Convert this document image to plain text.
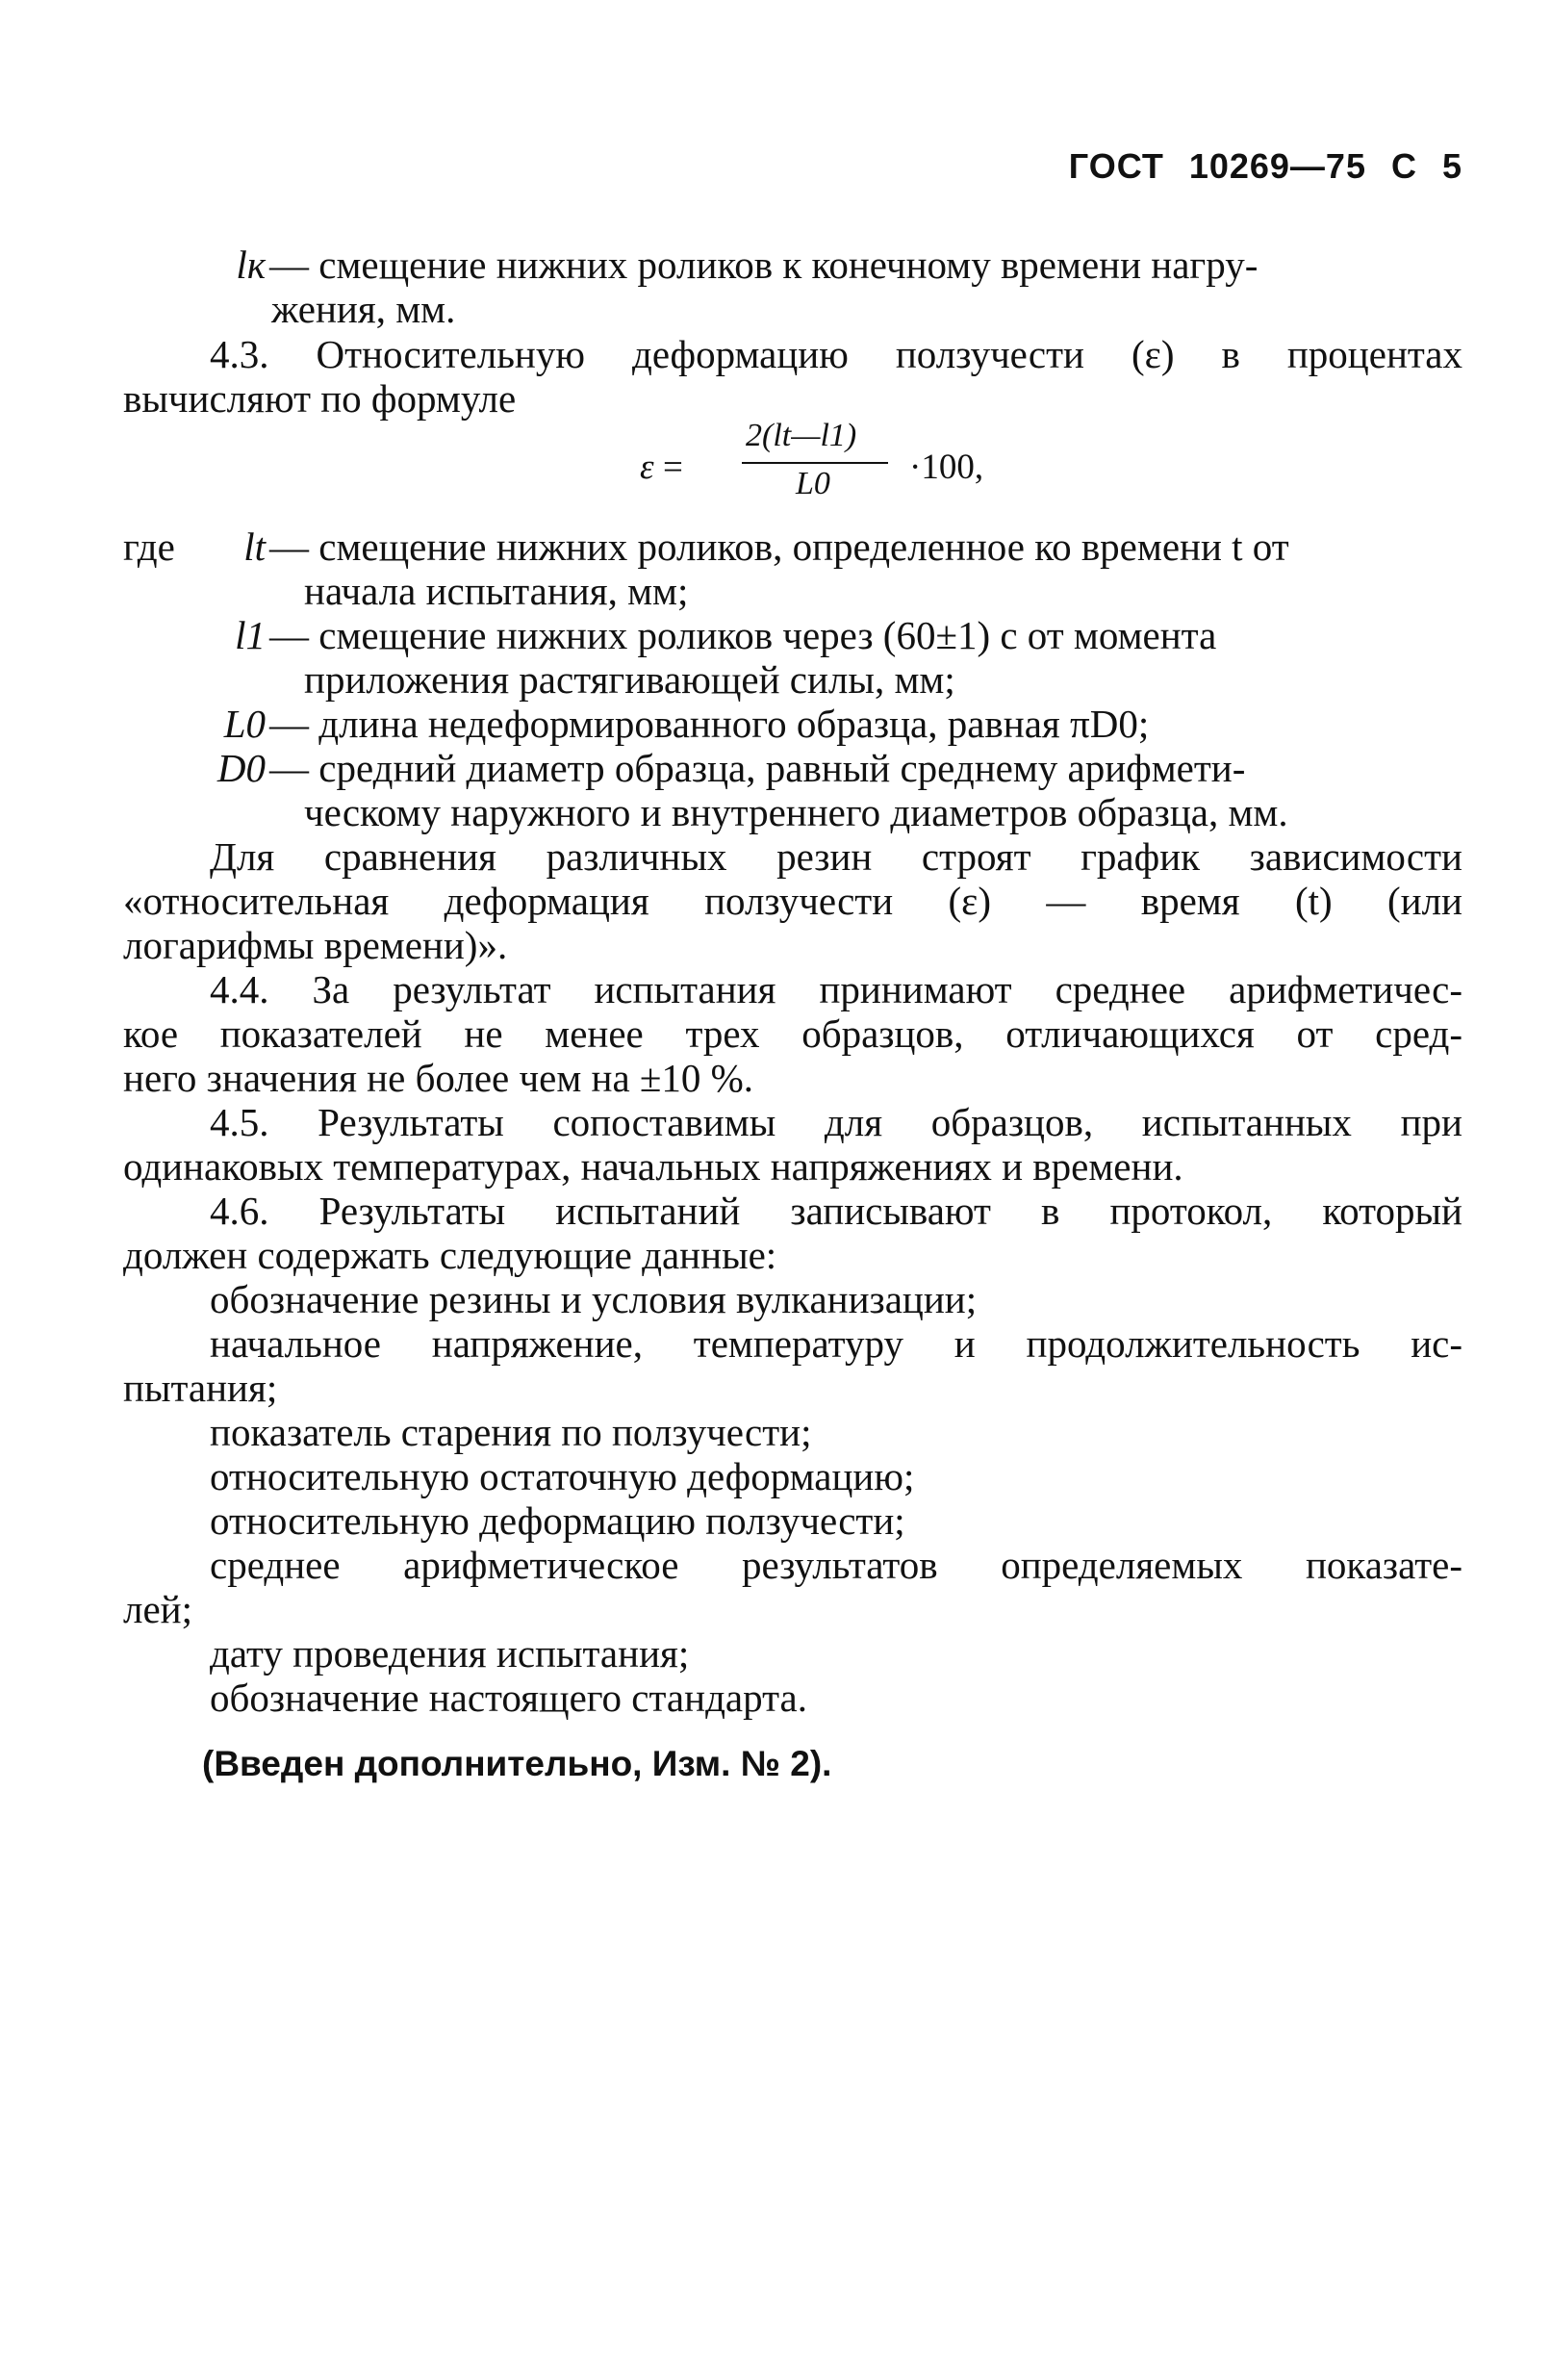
ГОСТ 10269—75 С 5
lк— смещение нижних роликов к конечному времени нагру-
жения, мм.
4.3. Относительную деформацию ползучести (ε) в процентах
вычисляют по формуле
ε =
2(lt—l1)
L0 ·100,
где	lt— смещение нижних роликов, определенное ко времени t от
начала испытания, мм;
l1— смещение нижних роликов через (60±1) с от момента
приложения растягивающей силы, мм;
L0— длина недеформированного образца, равная πD0;
D0— средний диаметр образца, равный среднему арифмети-
ческому наружного и внутреннего диаметров образца, мм.
Для сравнения различных резин строят график зависимости
«относительная деформация ползучести (ε) — время (t) (или
логарифмы времени)».
4.4. За результат испытания принимают среднее арифметичес-
кое показателей не менее трех образцов, отличающихся от сред-
него значения не более чем на ±10 %.
4.5. Результаты сопоставимы для образцов, испытанных при
одинаковых температурах, начальных напряжениях и времени.
4.6. Результаты испытаний записывают в протокол, который
должен содержать следующие данные:
обозначение резины и условия вулканизации;
начальное напряжение, температуру и продолжительность ис-
пытания;
показатель старения по ползучести;
относительную остаточную деформацию;
относительную деформацию ползучести;
среднее арифметическое результатов определяемых показате-
лей;
дату проведения испытания;
обозначение настоящего стандарта.
(Введен дополнительно, Изм. № 2).
